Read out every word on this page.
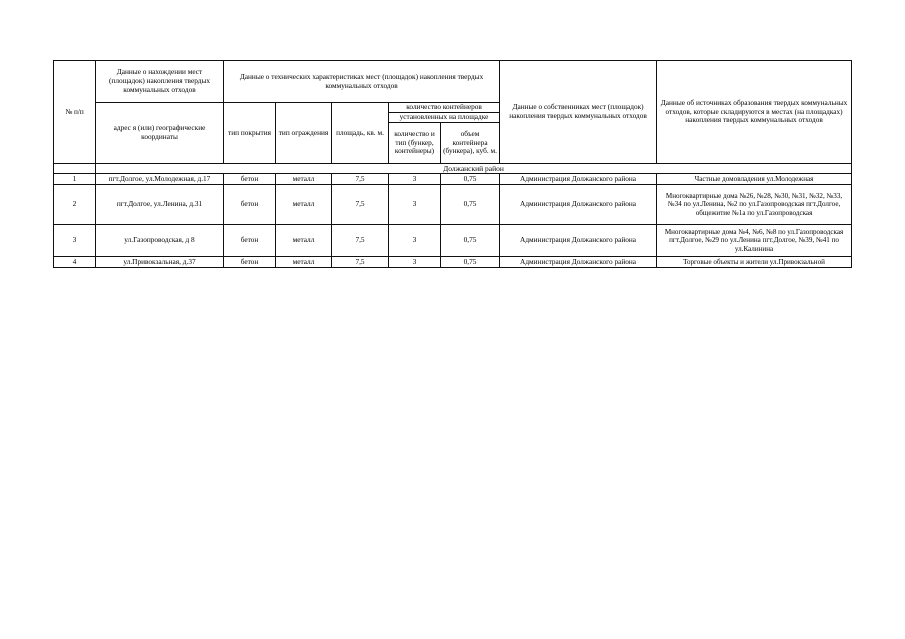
№ п/п	Данные о нахождении мест (площадок) накопления твердых коммунальных отходов	Данные о технических характеристиках мест (площадок) накопления твердых коммунальных отходов					Данные о собственниках мест (площадок) накопления твердых коммунальных отходов	Данные об источниках образования твердых коммунальных отходов, которые складируются в местах (на площадках) накопления твердых коммунальных отходов
	адрес я (или) географические координаты	тип покрытия	тип ограждения	площадь, кв. м.	количество контейнеров			
					установленных на площадке			
					количество и тип (бункер, контейнеры)	объем контейнера (бункера), куб. м.		

	Должанский район							
1	пгт.Долгое, ул.Молодежная, д.17	бетон	металл	7,5	3	0,75	Администрация Должанского района	Частные домовладения ул.Молодежная
2	пгт.Долгое, ул.Ленина, д.31	бетон	металл	7,5	3	0,75	Администрация Должанского района	Многоквартирные дома №26, №28, №30, №31, №32, №33, №34 по ул.Ленина, №2 по ул.Газопроводская пгт.Долгое, общежитие №1а по ул.Газопроводская
3	ул.Газопроводская, д 8	бетон	металл	7,5	3	0,75	Администрация Должанского района	Многоквартирные дома №4, №6, №8 по ул.Газопроводская пгт.Долгое, №29 по ул.Ленина пгт.Долгое, №39, №41 по ул.Калинина
4	ул.Привокзальная, д.37	бетон	металл	7,5	3	0,75	Администрация Должанского района	Торговые объекты и жители ул.Привокзальной
